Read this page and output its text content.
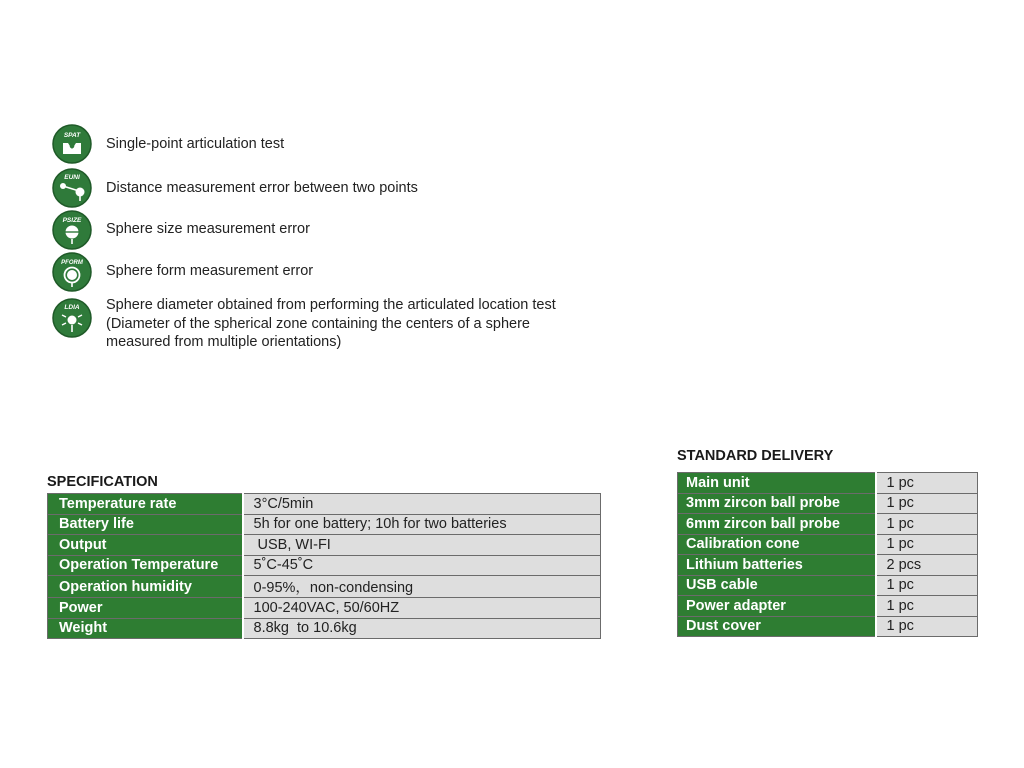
SPAT
Single-point articulation test
EUNI
Distance measurement error between two points
PSIZE
Sphere size measurement error
PFORM Sphere form measurement error
LDIA Sphere diameter obtained from performing the articulated location test
(Diameter of the spherical zone containing the centers of a sphere
measured from multiple orientations)
SPECIFICATION
Temperature rate	3°C/5min
Battery life	5h for one battery; 10h for two batteries
Output	USB, WI-FI
Operation Temperature	5˚C-45˚C
Operation humidity	0-95%，non-condensing
Power	100-240VAC, 50/60HZ
Weight	8.8kg  to 10.6kg
STANDARD DELIVERY
Main unit	1 pc
3mm zircon ball probe	1 pc
6mm zircon ball probe	1 pc
Calibration cone	1 pc
Lithium batteries	2 pcs
USB cable	1 pc
Power adapter	1 pc
Dust cover	1 pc
